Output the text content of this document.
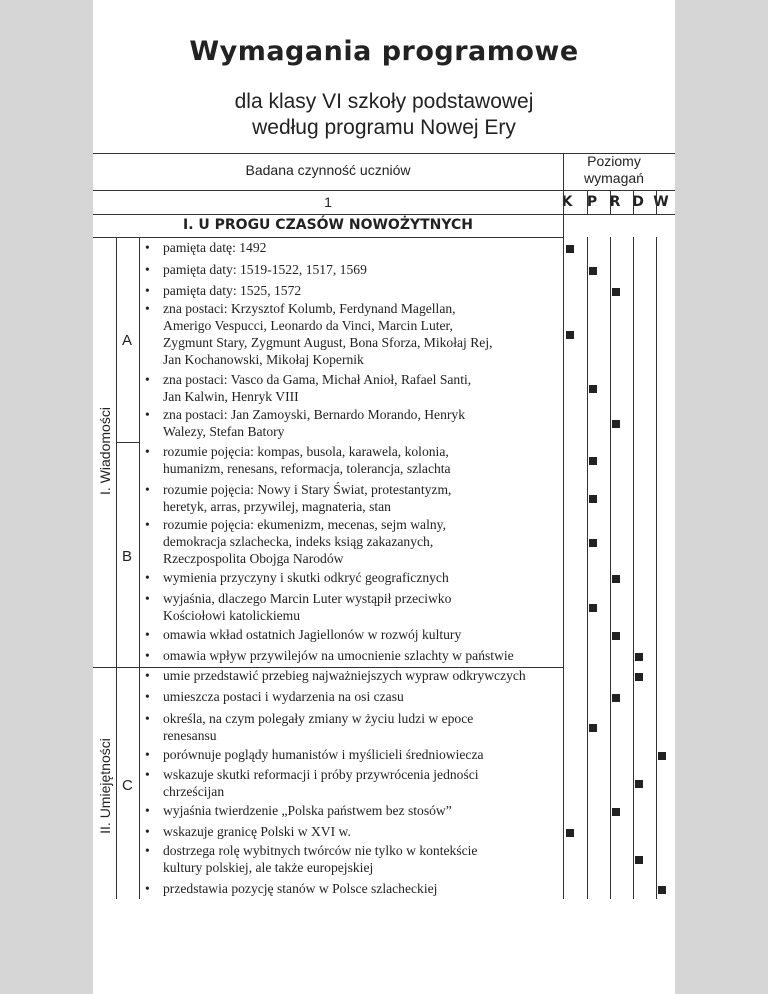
Wymagania programowe
dla klasy VI szkoły podstawowej
według programu Nowej Ery
Badana czynność uczniów
Poziomy
wymagań
1	K	P R D W
I. U PROGU CZASÓW NOWOŻYTNYCH
I. Wiadomości
II. Umiejętności
A
B
C
• pamięta datę: 1492
• pamięta daty: 1519-1522, 1517, 1569
• pamięta daty: 1525, 1572
• zna postaci: Krzysztof Kolumb, Ferdynand Magellan,
Amerigo Vespucci, Leonardo da Vinci, Marcin Luter,
Zygmunt Stary, Zygmunt August, Bona Sforza, Mikołaj Rej,
Jan Kochanowski, Mikołaj Kopernik
• zna postaci: Vasco da Gama, Michał Anioł, Rafael Santi,
Jan Kalwin, Henryk VIII
• zna postaci: Jan Zamoyski, Bernardo Morando, Henryk
Walezy, Stefan Batory
• rozumie pojęcia: kompas, busola, karawela, kolonia,
humanizm, renesans, reformacja, tolerancja, szlachta
• rozumie pojęcia: Nowy i Stary Świat, protestantyzm,
heretyk, arras, przywilej, magnateria, stan
• rozumie pojęcia: ekumenizm, mecenas, sejm walny,
demokracja szlachecka, indeks ksiąg zakazanych,
Rzeczpospolita Obojga Narodów
• wymienia przyczyny i skutki odkryć geograficznych
• wyjaśnia, dlaczego Marcin Luter wystąpił przeciwko
Kościołowi katolickiemu
• omawia wkład ostatnich Jagiellonów w rozwój kultury
• omawia wpływ przywilejów na umocnienie szlachty w państwie
• umie przedstawić przebieg najważniejszych wypraw odkrywczych
• umieszcza postaci i wydarzenia na osi czasu
• określa, na czym polegały zmiany w życiu ludzi w epoce
renesansu
• porównuje poglądy humanistów i myślicieli średniowiecza
• wskazuje skutki reformacji i próby przywrócenia jedności
chrześcijan
• wyjaśnia twierdzenie „Polska państwem bez stosów”
• wskazuje granicę Polski w XVI w.
• dostrzega rolę wybitnych twórców nie tylko w kontekście
kultury polskiej, ale także europejskiej
• przedstawia pozycję stanów w Polsce szlacheckiej
